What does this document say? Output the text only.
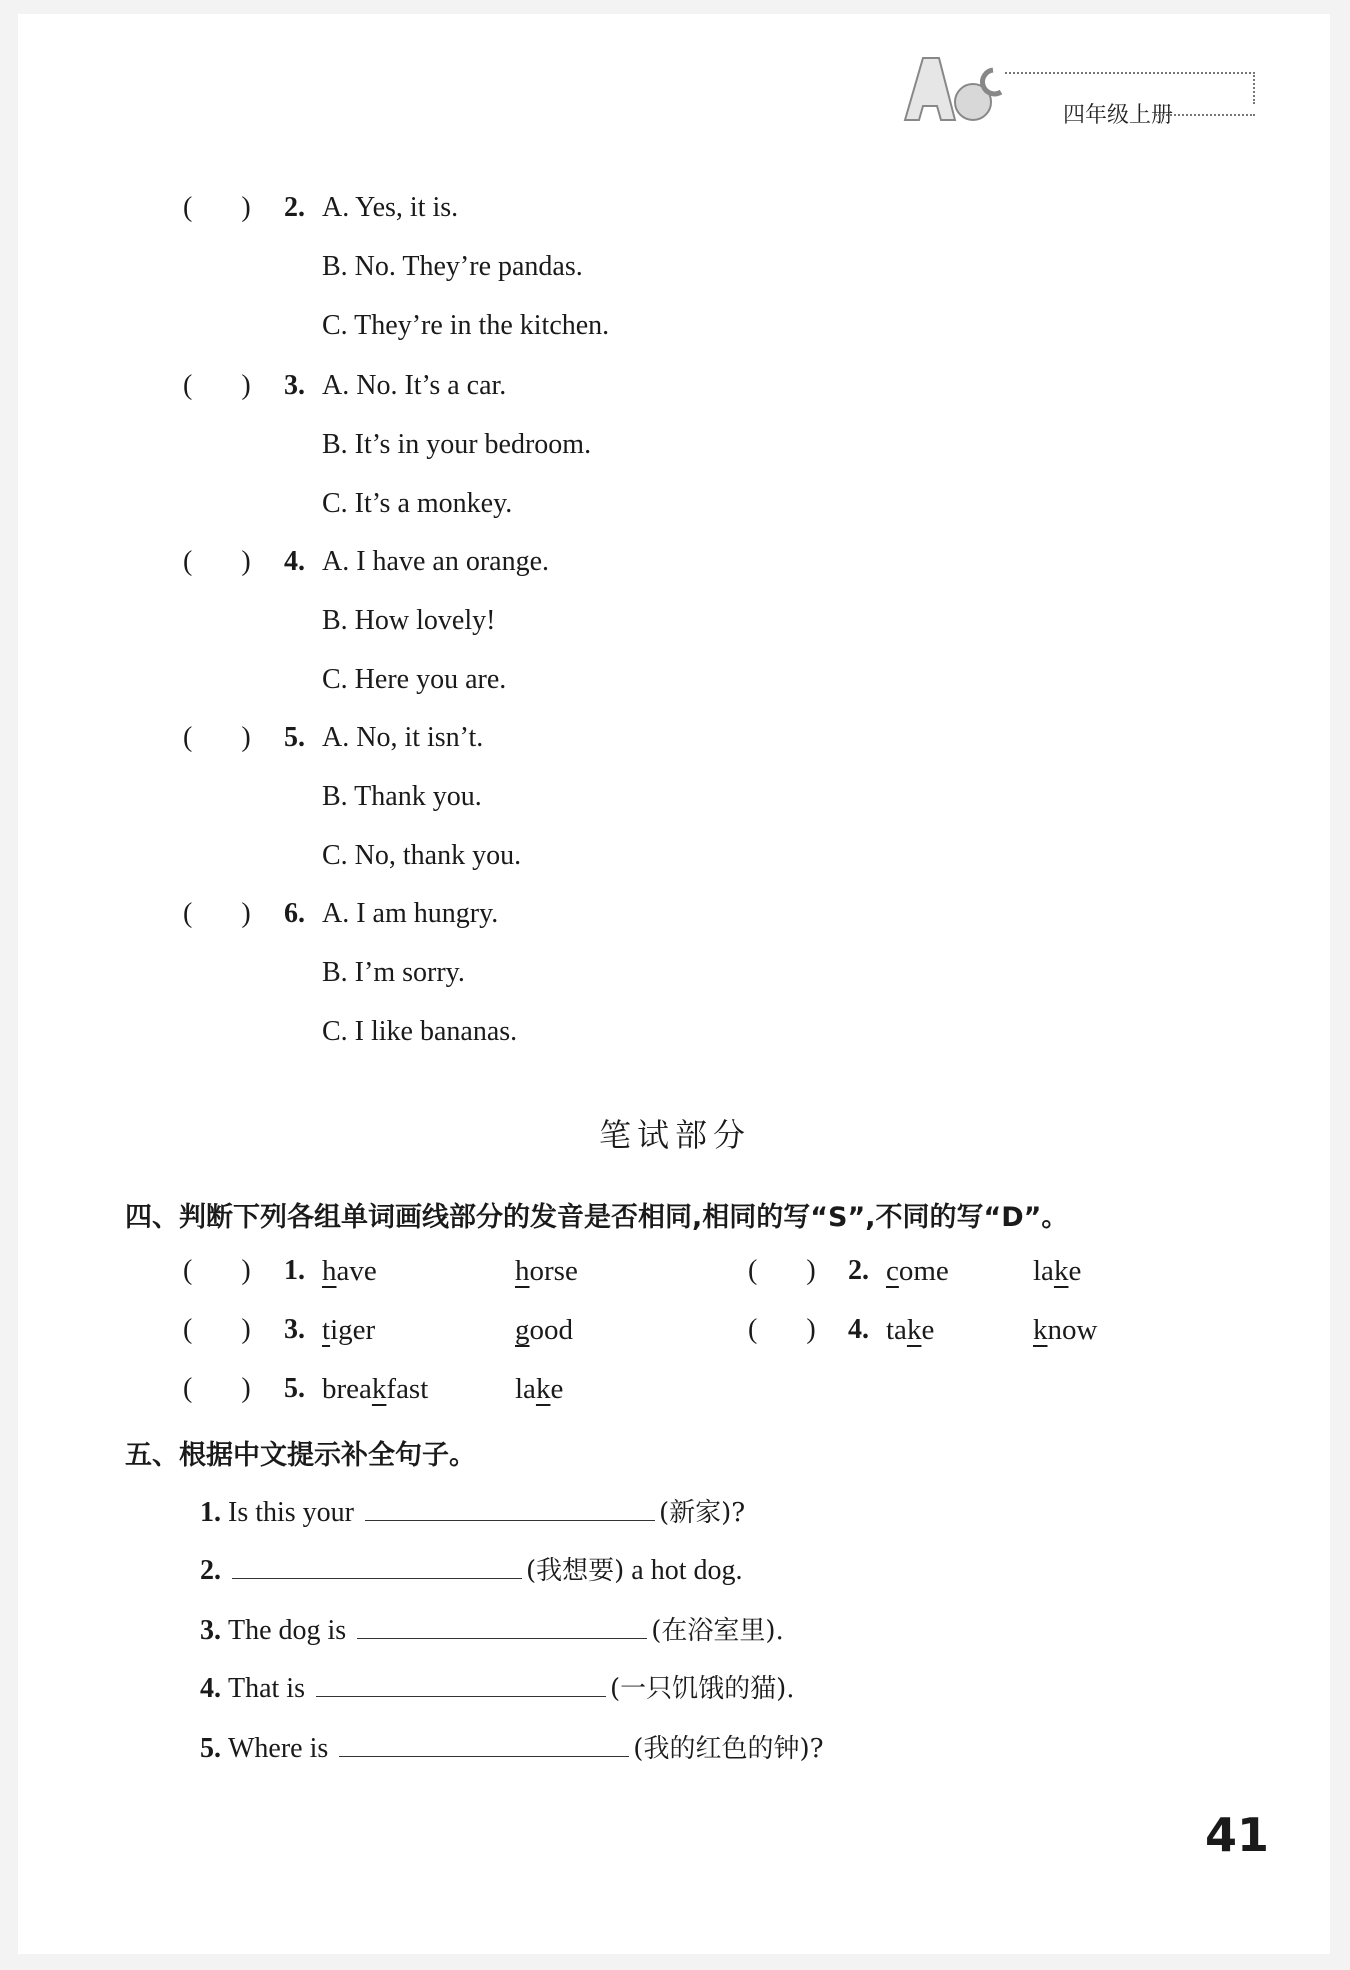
四年级上册
(       ) 2. A. Yes, it is.
B. No. They’re pandas.
C. They’re in the kitchen.
(       ) 3. A. No. It’s a car.
B. It’s in your bedroom.
C. It’s a monkey.
(       ) 4. A. I have an orange.
B. How lovely!
C. Here you are.
(       ) 5. A. No, it isn’t.
B. Thank you.
C. No, thank you.
(       ) 6. A. I am hungry.
B. I’m sorry.
C. I like bananas.
笔试部分
四、判断下列各组单词画线部分的发音是否相同,相同的写“S”,不同的写“D”。
(       ) 1. have	horse	(       ) 2. come	lake
(       ) 3. tiger	good	(       ) 4. take	know
(       ) 5. breakfast	lake
五、根据中文提示补全句子。
1. Is this your	(新家)?
2.	(我想要) a hot dog.
3. The dog is	(在浴室里).
4. That is	(一只饥饿的猫).
5. Where is	(我的红色的钟)?
41
